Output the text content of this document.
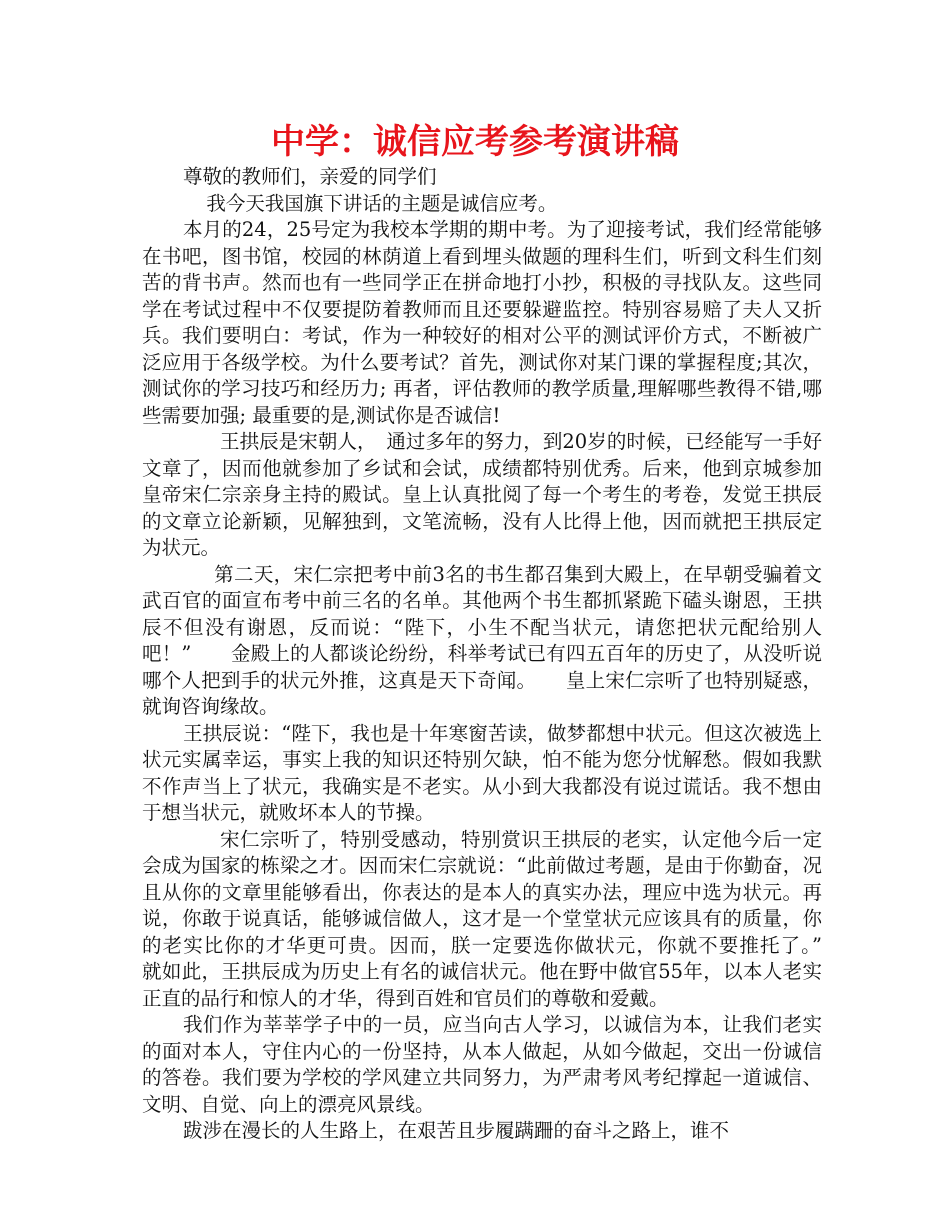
中学：诚信应考参考演讲稿

尊敬的教师们，亲爱的同学们

我今天我国旗下讲话的主题是诚信应考。

本月的24，25号定为我校本学期的期中考。为了迎接考试，我们经常能够在书吧，图书馆，校园的林荫道上看到埋头做题的理科生们，听到文科生们刻苦的背书声。然而也有一些同学正在拼命地打小抄，积极的寻找队友。这些同学在考试过程中不仅要提防着教师而且还要躲避监控。特别容易赔了夫人又折兵。我们要明白：考试，作为一种较好的相对公平的测试评价方式，不断被广泛应用于各级学校。为什么要考试？首先，测试你对某门课的掌握程度;其次，测试你的学习技巧和经历力; 再者，评估教师的教学质量,理解哪些教得不错,哪些需要加强; 最重要的是,测试你是否诚信!

王拱辰是宋朝人，　通过多年的努力，到20岁的时候，已经能写一手好文章了，因而他就参加了乡试和会试，成绩都特别优秀。后来，他到京城参加皇帝宋仁宗亲身主持的殿试。皇上认真批阅了每一个考生的考卷，发觉王拱辰的文章立论新颖，见解独到，文笔流畅，没有人比得上他，因而就把王拱辰定为状元。

第二天，宋仁宗把考中前3名的书生都召集到大殿上，在早朝受骗着文武百官的面宣布考中前三名的名单。其他两个书生都抓紧跪下磕头谢恩，王拱辰不但没有谢恩，反而说：“陛下，小生不配当状元，请您把状元配给别人吧！”　　金殿上的人都谈论纷纷，科举考试已有四五百年的历史了，从没听说哪个人把到手的状元外推，这真是天下奇闻。　　皇上宋仁宗听了也特别疑惑，就询咨询缘故。

王拱辰说：“陛下，我也是十年寒窗苦读，做梦都想中状元。但这次被选上状元实属幸运，事实上我的知识还特别欠缺，怕不能为您分忧解愁。假如我默不作声当上了状元，我确实是不老实。从小到大我都没有说过谎话。我不想由于想当状元，就败坏本人的节操。

宋仁宗听了，特别受感动，特别赏识王拱辰的老实，认定他今后一定会成为国家的栋梁之才。因而宋仁宗就说：“此前做过考题，是由于你勤奋，况且从你的文章里能够看出，你表达的是本人的真实办法，理应中选为状元。再说，你敢于说真话，能够诚信做人，这才是一个堂堂状元应该具有的质量，你的老实比你的才华更可贵。因而，朕一定要选你做状元，你就不要推托了。”　　就如此，王拱辰成为历史上有名的诚信状元。他在野中做官55年，以本人老实正直的品行和惊人的才华，得到百姓和官员们的尊敬和爱戴。

我们作为莘莘学子中的一员，应当向古人学习，以诚信为本，让我们老实的面对本人，守住内心的一份坚持，从本人做起，从如今做起，交出一份诚信的答卷。我们要为学校的学风建立共同努力，为严肃考风考纪撑起一道诚信、文明、自觉、向上的漂亮风景线。

跋涉在漫长的人生路上，在艰苦且步履蹒跚的奋斗之路上，谁不
